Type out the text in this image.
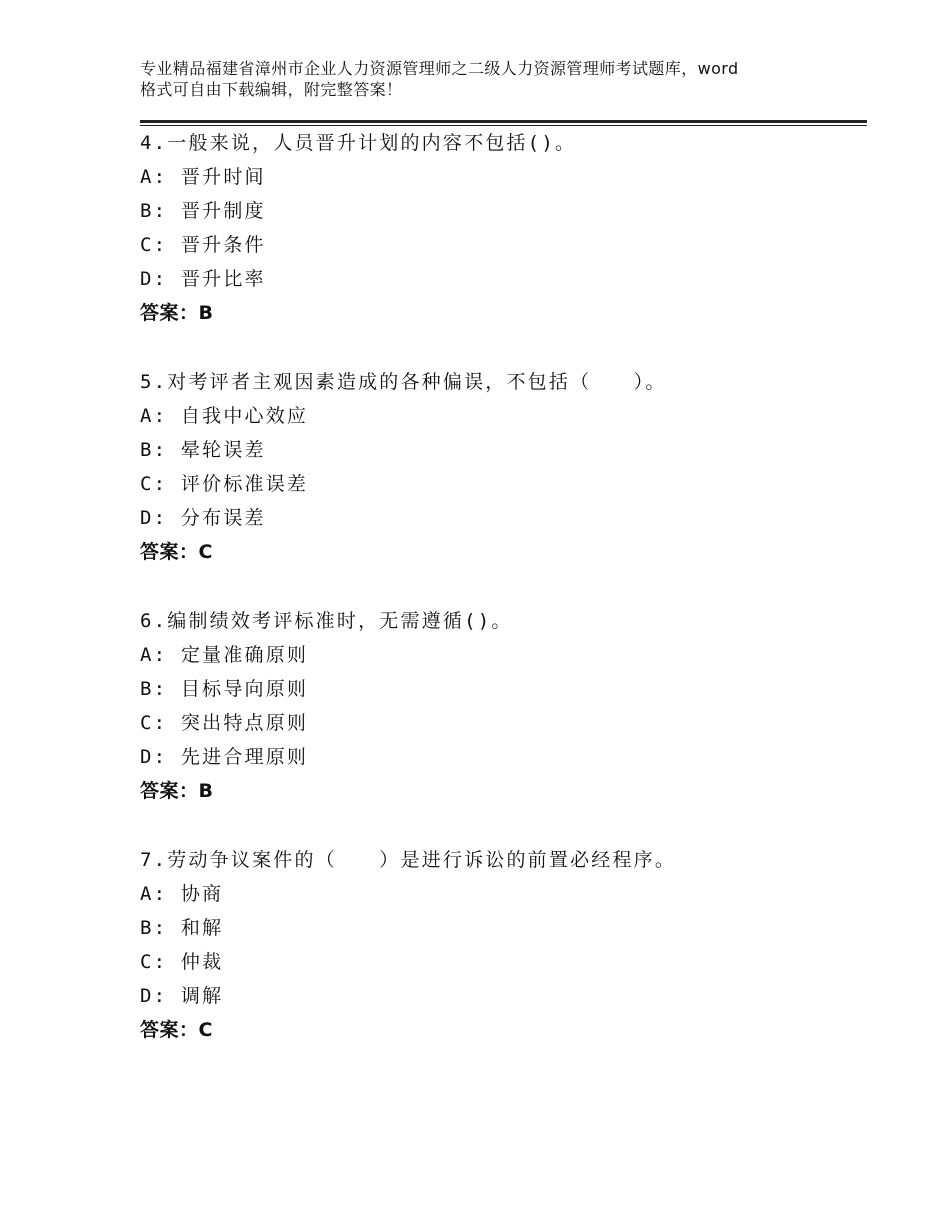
专业精品福建省漳州市企业人力资源管理师之二级人力资源管理师考试题库，word
格式可自由下载编辑，附完整答案！
4.一般来说，人员晋升计划的内容不包括()。
A: 晋升时间
B: 晋升制度
C: 晋升条件
D: 晋升比率
答案：B
5.对考评者主观因素造成的各种偏误，不包括（　　）。
A: 自我中心效应
B: 晕轮误差
C: 评价标准误差
D: 分布误差
答案：C
6.编制绩效考评标准时，无需遵循()。
A: 定量准确原则
B: 目标导向原则
C: 突出特点原则
D: 先进合理原则
答案：B
7.劳动争议案件的（　　）是进行诉讼的前置必经程序。
A: 协商
B: 和解
C: 仲裁
D: 调解
答案：C
